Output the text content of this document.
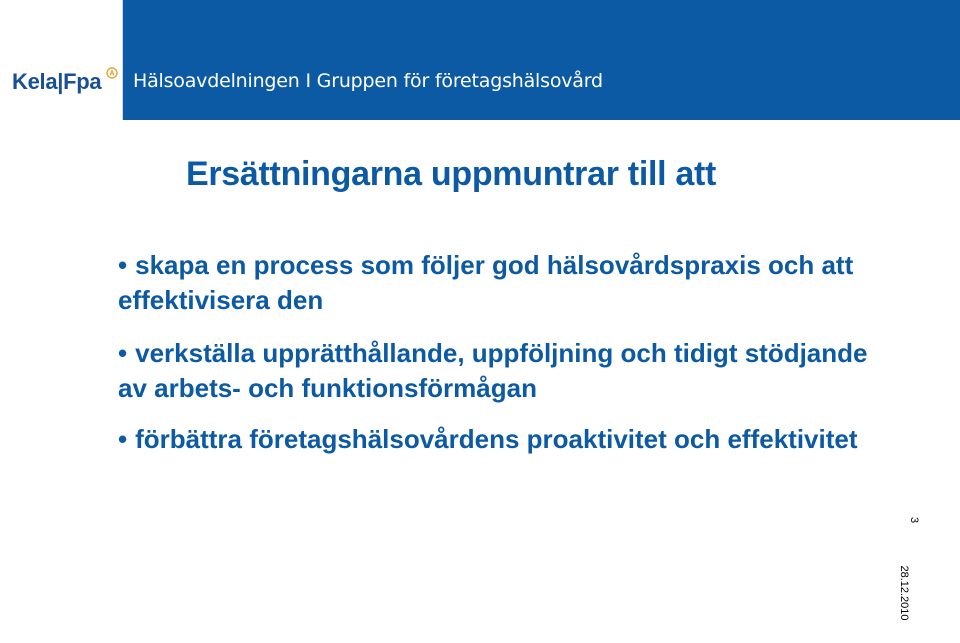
Kela|Fpa Hälsoavdelningen I Gruppen för företagshälsovård
Ersättningarna uppmuntrar till att
• skapa en process som följer god hälsovårdspraxis och att effektivisera den
• verkställa upprätthållande, uppföljning och tidigt stödjande av arbets- och funktionsförmågan
• förbättra företagshälsovårdens proaktivitet och effektivitet
3
28.12.2010
